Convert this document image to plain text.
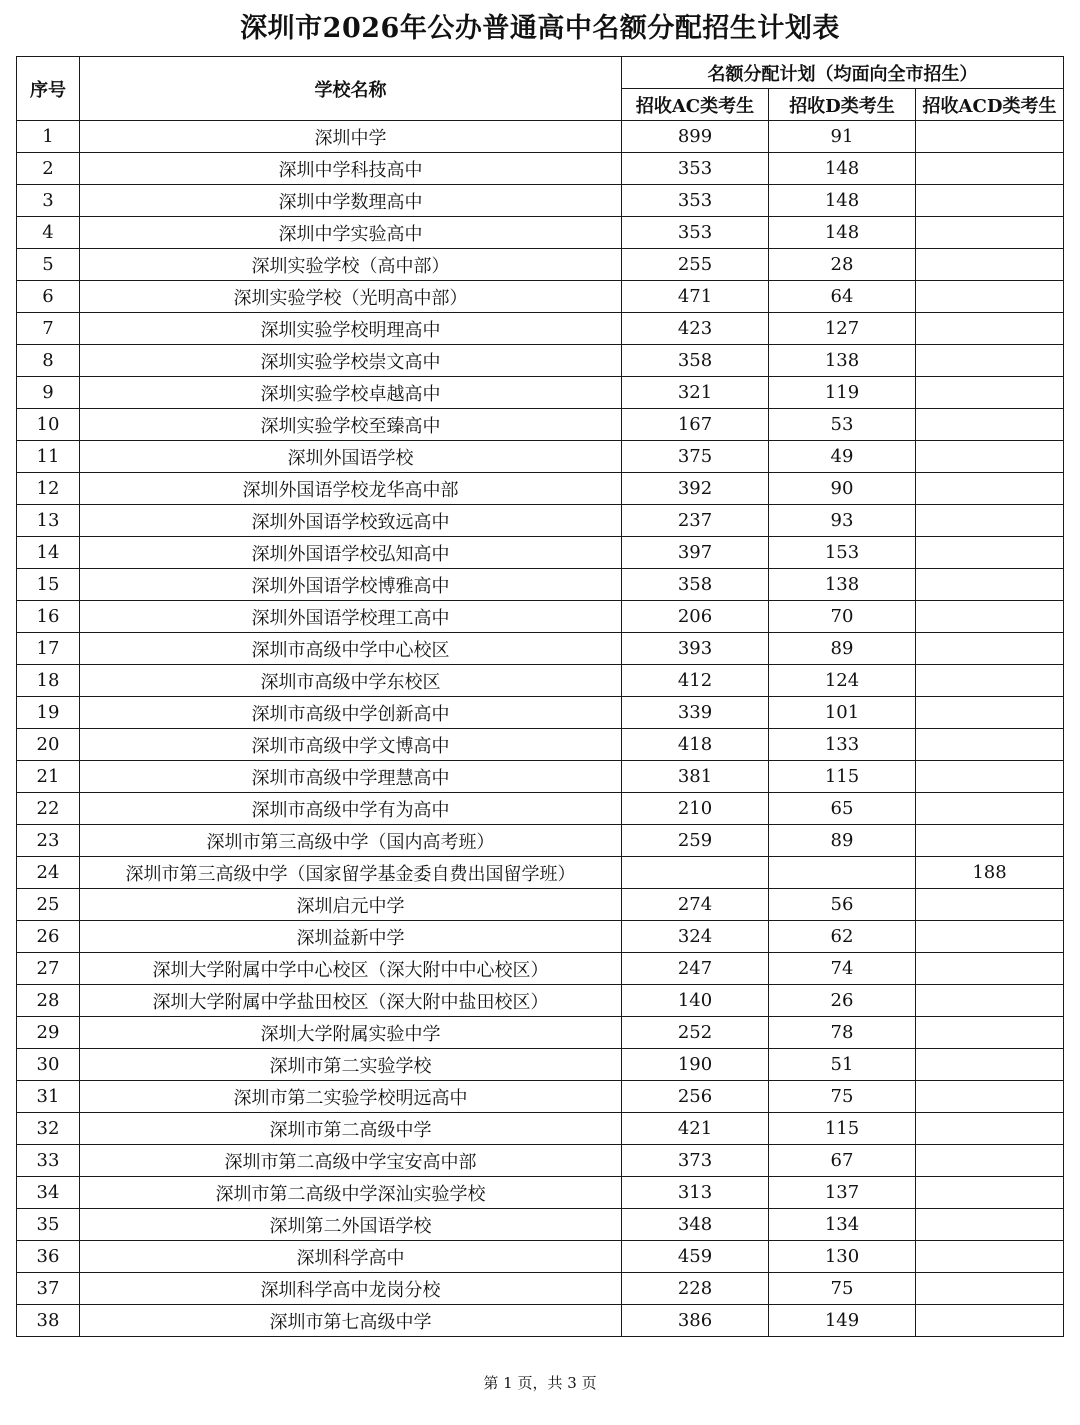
深圳市2026年公办普通高中名额分配招生计划表
序号	学校名称	名额分配计划（均面向全市招生）		
		招收AC类考生	招收D类考生	招收ACD类考生
1	深圳中学	899	91	
2	深圳中学科技高中	353	148	
3	深圳中学数理高中	353	148	
4	深圳中学实验高中	353	148	
5	深圳实验学校（高中部）	255	28	
6	深圳实验学校（光明高中部）	471	64	
7	深圳实验学校明理高中	423	127	
8	深圳实验学校崇文高中	358	138	
9	深圳实验学校卓越高中	321	119	
10	深圳实验学校至臻高中	167	53	
11	深圳外国语学校	375	49	
12	深圳外国语学校龙华高中部	392	90	
13	深圳外国语学校致远高中	237	93	
14	深圳外国语学校弘知高中	397	153	
15	深圳外国语学校博雅高中	358	138	
16	深圳外国语学校理工高中	206	70	
17	深圳市高级中学中心校区	393	89	
18	深圳市高级中学东校区	412	124	
19	深圳市高级中学创新高中	339	101	
20	深圳市高级中学文博高中	418	133	
21	深圳市高级中学理慧高中	381	115	
22	深圳市高级中学有为高中	210	65	
23	深圳市第三高级中学（国内高考班）	259	89	
24	深圳市第三高级中学（国家留学基金委自费出国留学班）			188
25	深圳启元中学	274	56	
26	深圳益新中学	324	62	
27	深圳大学附属中学中心校区（深大附中中心校区）	247	74	
28	深圳大学附属中学盐田校区（深大附中盐田校区）	140	26	
29	深圳大学附属实验中学	252	78	
30	深圳市第二实验学校	190	51	
31	深圳市第二实验学校明远高中	256	75	
32	深圳市第二高级中学	421	115	
33	深圳市第二高级中学宝安高中部	373	67	
34	深圳市第二高级中学深汕实验学校	313	137	
35	深圳第二外国语学校	348	134	
36	深圳科学高中	459	130	
37	深圳科学高中龙岗分校	228	75	
38	深圳市第七高级中学	386	149	
第 1 页，共 3 页
